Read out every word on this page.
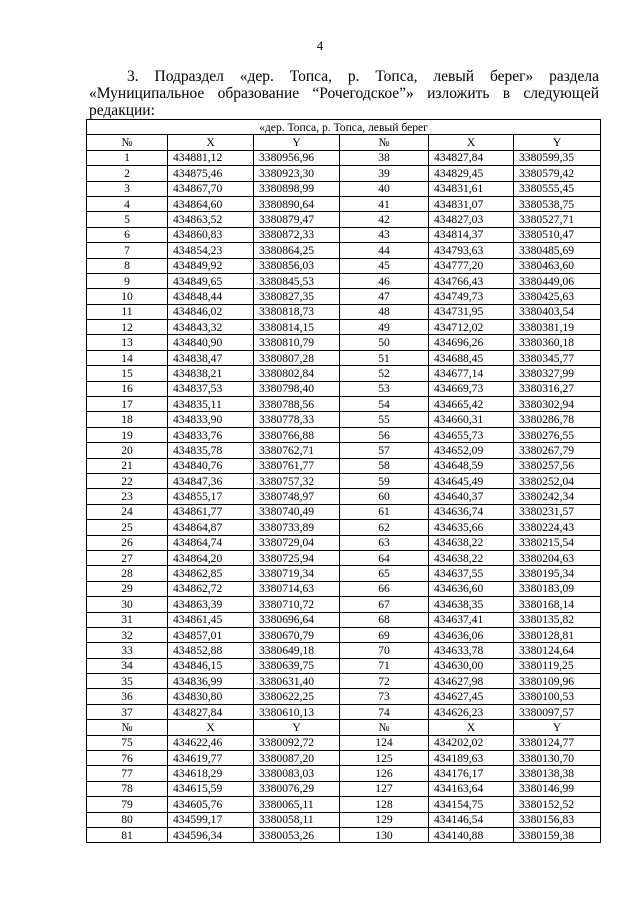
4

3. Подраздел «дер. Топса, р. Топса, левый берег» раздела «Муниципальное образование “Рочегодское”» изложить в следующей редакции:

«дер. Топса, р. Топса, левый берег					
№	X	Y	№	X	Y
1	434881,12	3380956,96	38	434827,84	3380599,35
2	434875,46	3380923,30	39	434829,45	3380579,42
3	434867,70	3380898,99	40	434831,61	3380555,45
4	434864,60	3380890,64	41	434831,07	3380538,75
5	434863,52	3380879,47	42	434827,03	3380527,71
6	434860,83	3380872,33	43	434814,37	3380510,47
7	434854,23	3380864,25	44	434793,63	3380485,69
8	434849,92	3380856,03	45	434777,20	3380463,60
9	434849,65	3380845,53	46	434766,43	3380449,06
10	434848,44	3380827,35	47	434749,73	3380425,63
11	434846,02	3380818,73	48	434731,95	3380403,54
12	434843,32	3380814,15	49	434712,02	3380381,19
13	434840,90	3380810,79	50	434696,26	3380360,18
14	434838,47	3380807,28	51	434688,45	3380345,77
15	434838,21	3380802,84	52	434677,14	3380327,99
16	434837,53	3380798,40	53	434669,73	3380316,27
17	434835,11	3380788,56	54	434665,42	3380302,94
18	434833,90	3380778,33	55	434660,31	3380286,78
19	434833,76	3380766,88	56	434655,73	3380276,55
20	434835,78	3380762,71	57	434652,09	3380267,79
21	434840,76	3380761,77	58	434648,59	3380257,56
22	434847,36	3380757,32	59	434645,49	3380252,04
23	434855,17	3380748,97	60	434640,37	3380242,34
24	434861,77	3380740,49	61	434636,74	3380231,57
25	434864,87	3380733,89	62	434635,66	3380224,43
26	434864,74	3380729,04	63	434638,22	3380215,54
27	434864,20	3380725,94	64	434638,22	3380204,63
28	434862,85	3380719,34	65	434637,55	3380195,34
29	434862,72	3380714,63	66	434636,60	3380183,09
30	434863,39	3380710,72	67	434638,35	3380168,14
31	434861,45	3380696,64	68	434637,41	3380135,82
32	434857,01	3380670,79	69	434636,06	3380128,81
33	434852,88	3380649,18	70	434633,78	3380124,64
34	434846,15	3380639,75	71	434630,00	3380119,25
35	434836,99	3380631,40	72	434627,98	3380109,96
36	434830,80	3380622,25	73	434627,45	3380100,53
37	434827,84	3380610,13	74	434626,23	3380097,57
№	X	Y	№	X	Y
75	434622,46	3380092,72	124	434202,02	3380124,77
76	434619,77	3380087,20	125	434189,63	3380130,70
77	434618,29	3380083,03	126	434176,17	3380138,38
78	434615,59	3380076,29	127	434163,64	3380146,99
79	434605,76	3380065,11	128	434154,75	3380152,52
80	434599,17	3380058,11	129	434146,54	3380156,83
81	434596,34	3380053,26	130	434140,88	3380159,38
